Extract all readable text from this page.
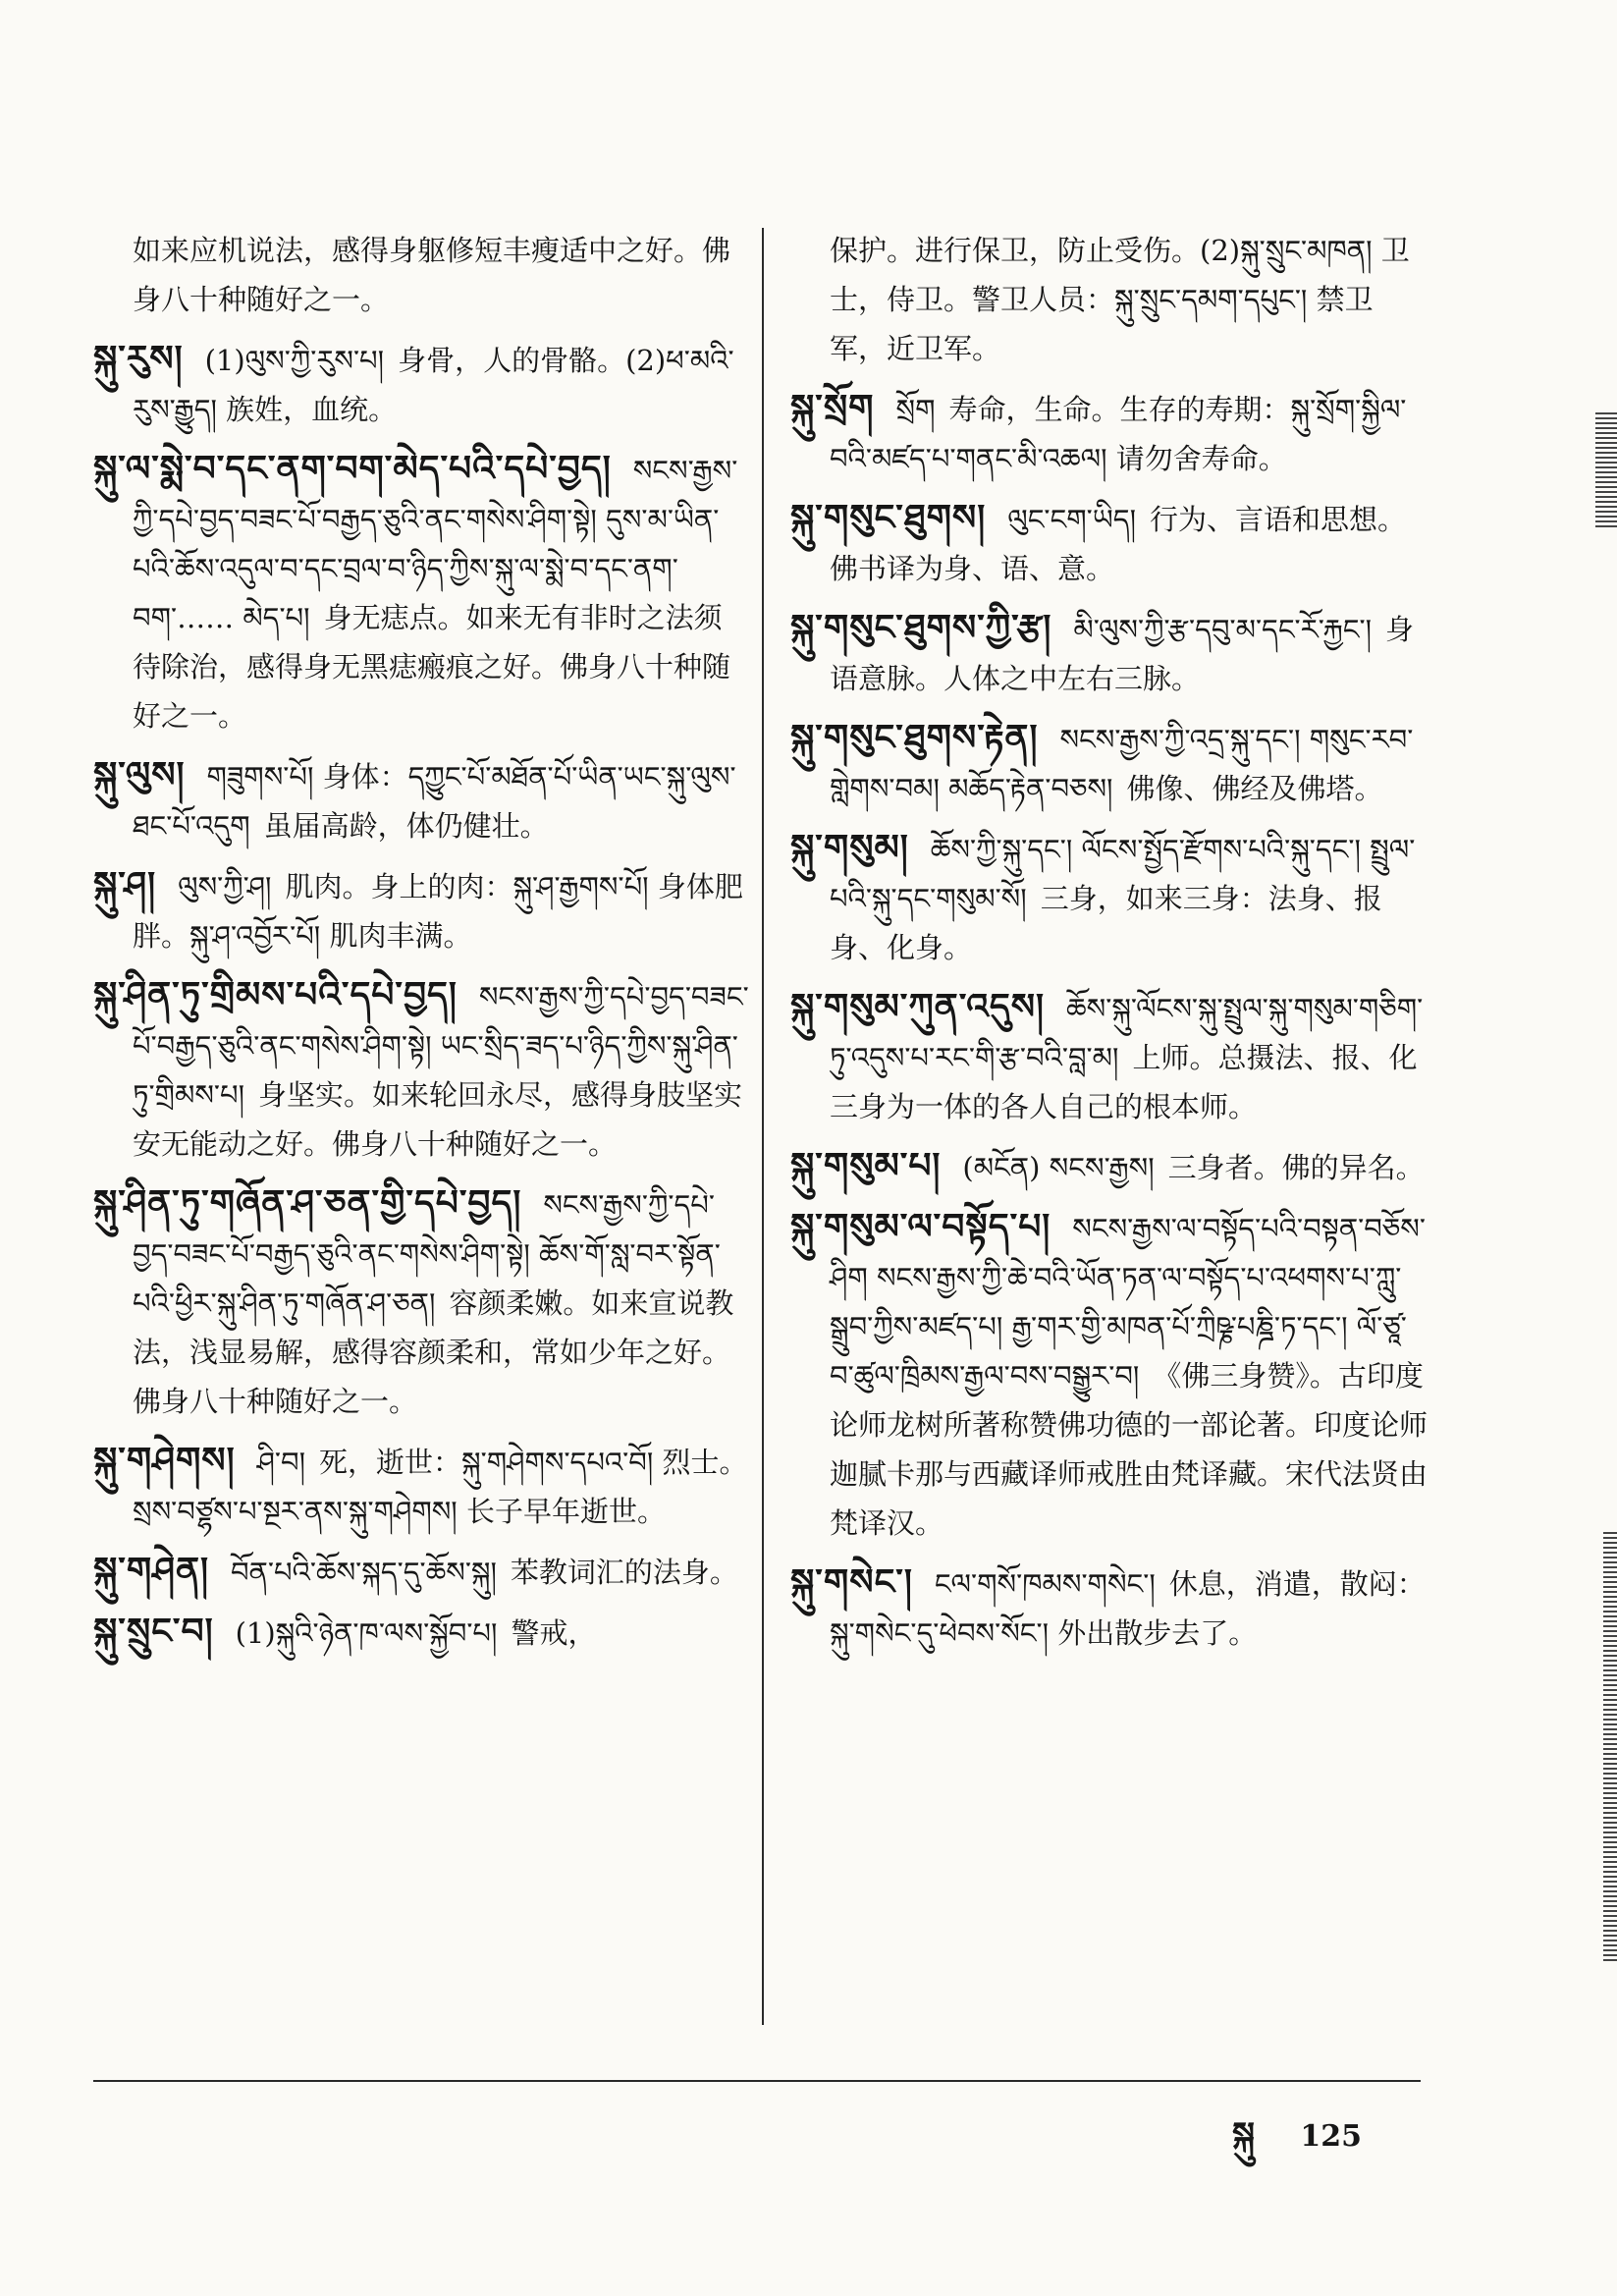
如来应机说法，感得身躯修短丰瘦适中之好。佛身八十种随好之一。
སྐུ་རུས། (1)ལུས་ཀྱི་རུས་པ། 身骨，人的骨骼。(2)ཕ་མའི་རུས་རྒྱུད། 族姓，血统。
སྐུ་ལ་སྨེ་བ་དང་ནག་བག་མེད་པའི་དཔེ་བྱད། སངས་རྒྱས་ཀྱི་དཔེ་བྱད་བཟང་པོ་བརྒྱད་ཅུའི་ནང་གསེས་ཤིག་སྟེ། དུས་མ་ཡིན་པའི་ཆོས་འདུལ་བ་དང་བྲལ་བ་ཉིད་ཀྱིས་སྐུ་ལ་སྨེ་བ་དང་ནག་བག་…… མེད་པ། 身无痣点。如来无有非时之法须待除治，感得身无黑痣瘢痕之好。佛身八十种随好之一。
སྐུ་ལུས། གཟུགས་པོ། 身体：དཀྱུང་པོ་མཐོན་པོ་ཡིན་ཡང་སྐུ་ལུས་ཐང་པོ་འདུག 虽届高龄，体仍健壮。
སྐུ་ཤ། ལུས་ཀྱི་ཤ། 肌肉。身上的肉：སྐུ་ཤ་རྒྱགས་པོ། 身体肥胖。སྐུ་ཤ་འབྱོར་པོ། 肌肉丰满。
སྐུ་ཤིན་ཏུ་གྲིམས་པའི་དཔེ་བྱད། སངས་རྒྱས་ཀྱི་དཔེ་བྱད་བཟང་པོ་བརྒྱད་ཅུའི་ནང་གསེས་ཤིག་སྟེ། ཡང་སྲིད་ཟད་པ་ཉིད་ཀྱིས་སྐུ་ཤིན་ཏུ་གྲིམས་པ། 身坚实。如来轮回永尽，感得身肢坚实安无能动之好。佛身八十种随好之一。
སྐུ་ཤིན་ཏུ་གཞོན་ཤ་ཅན་གྱི་དཔེ་བྱད། སངས་རྒྱས་ཀྱི་དཔེ་བྱད་བཟང་པོ་བརྒྱད་ཅུའི་ནང་གསེས་ཤིག་སྟེ། ཆོས་གོ་སླ་བར་སྟོན་པའི་ཕྱིར་སྐུ་ཤིན་ཏུ་གཞོན་ཤ་ཅན། 容颜柔嫩。如来宣说教法，浅显易解，感得容颜柔和，常如少年之好。佛身八十种随好之一。
སྐུ་གཤེགས། ཤི་བ། 死，逝世：སྐུ་གཤེགས་དཔའ་བོ། 烈士。སྲས་བཙྷས་པ་སྔར་ནས་སྐུ་གཤེགས། 长子早年逝世。
སྐུ་གཤེན། བོན་པའི་ཆོས་སྐད་དུ་ཆོས་སྐུ། 苯教词汇的法身。
སྐུ་སྲུང་བ། (1)སྐུའི་ཉེན་ཁ་ལས་སྐྱོབ་པ། 警戒，
保护。进行保卫，防止受伤。(2)སྐུ་སྲུང་མཁན། 卫士，侍卫。警卫人员：སྐུ་སྲུང་དམག་དཔུང་། 禁卫军，近卫军。
སྐུ་སྲོག སྲོག 寿命，生命。生存的寿期：སྐུ་སྲོག་སྐྱིལ་བའི་མཛད་པ་གནང་མི་འཆལ། 请勿舍寿命。
སྐུ་གསུང་ཐུགས། ལུང་ངག་ཡིད། 行为、言语和思想。佛书译为身、语、意。
སྐུ་གསུང་ཐུགས་ཀྱི་རྩ། མི་ལུས་ཀྱི་རྩ་དབུ་མ་དང་རོ་རྐྱང་། 身语意脉。人体之中左右三脉。
སྐུ་གསུང་ཐུགས་རྟེན། སངས་རྒྱས་ཀྱི་འདྲ་སྐུ་དང་། གསུང་རབ་གླེགས་བམ། མཆོད་རྟེན་བཅས། 佛像、佛经及佛塔。
སྐུ་གསུམ། ཆོས་ཀྱི་སྐུ་དང་། ལོངས་སྤྱོད་རྫོགས་པའི་སྐུ་དང་། སྤྲུལ་པའི་སྐུ་དང་གསུམ་སོ། 三身，如来三身：法身、报身、化身。
སྐུ་གསུམ་ཀུན་འདུས། ཆོས་སྐུ་ལོངས་སྐུ་སྤྲུལ་སྐུ་གསུམ་གཅིག་ཏུ་འདུས་པ་རང་གི་རྩ་བའི་བླ་མ། 上师。总摄法、报、化三身为一体的各人自己的根本师。
སྐུ་གསུམ་པ། (མངོན) སངས་རྒྱས། 三身者。佛的异名。
སྐུ་གསུམ་ལ་བསྟོད་པ། སངས་རྒྱས་ལ་བསྟོད་པའི་བསྟན་བཅོས་ཤིག སངས་རྒྱས་ཀྱི་ཆེ་བའི་ཡོན་ཏན་ལ་བསྟོད་པ་འཕགས་པ་ཀླུ་སྒྲུབ་ཀྱིས་མཛད་པ། རྒྱ་གར་གྱི་མཁན་པོ་ཀྲིཥྞ་པཎྜི་ཏ་དང་། ལོ་ཙཱ་བ་ཚུལ་ཁྲིམས་རྒྱལ་བས་བསྒྱུར་བ། 《佛三身赞》。古印度论师龙树所著称赞佛功德的一部论著。印度论师迦腻卡那与西藏译师戒胜由梵译藏。宋代法贤由梵译汉。
སྐུ་གསེང་། ངལ་གསོ་ཁམས་གསེང་། 休息，消遣，散闷：སྐུ་གསེང་དུ་ཕེབས་སོང་། 外出散步去了。
སྐུ 125
